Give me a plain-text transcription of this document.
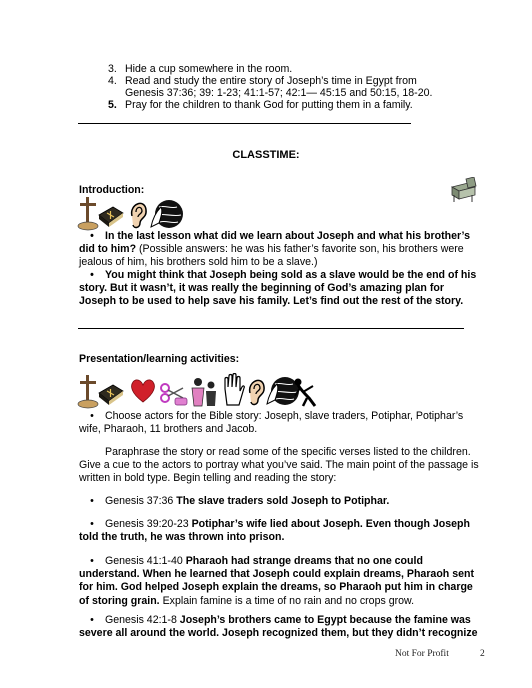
3. Hide a cup somewhere in the room.
4. Read and study the entire story of Joseph’s time in Egypt from
Genesis 37:36; 39: 1-23; 41:1-57; 42:1— 45:15 and 50:15, 18-20.
5. Pray for the children to thank God for putting them in a family.
CLASSTIME:
Introduction:
• In the last lesson what did we learn about Joseph and what his brother’s did to him? (Possible answers: he was his father’s favorite son, his brothers were jealous of him, his brothers sold him to be a slave.)
• You might think that Joseph being sold as a slave would be the end of his story. But it wasn’t, it was really the beginning of God’s amazing plan for Joseph to be used to help save his family. Let’s find out the rest of the story.
Presentation/learning activities:
• Choose actors for the Bible story: Joseph, slave traders, Potiphar, Potiphar’s wife, Pharaoh, 11 brothers and Jacob.
Paraphrase the story or read some of the specific verses listed to the children. Give a cue to the actors to portray what you’ve said. The main point of the passage is written in bold type. Begin telling and reading the story:
• Genesis 37:36 The slave traders sold Joseph to Potiphar.
• Genesis 39:20-23 Potiphar’s wife lied about Joseph. Even though Joseph told the truth, he was thrown into prison.
• Genesis 41:1-40 Pharaoh had strange dreams that no one could understand. When he learned that Joseph could explain dreams, Pharaoh sent for him. God helped Joseph explain the dreams, so Pharaoh put him in charge of storing grain. Explain famine is a time of no rain and no crops grow.
• Genesis 42:1-8 Joseph’s brothers came to Egypt because the famine was severe all around the world. Joseph recognized them, but they didn’t recognize
Not For Profit	2
